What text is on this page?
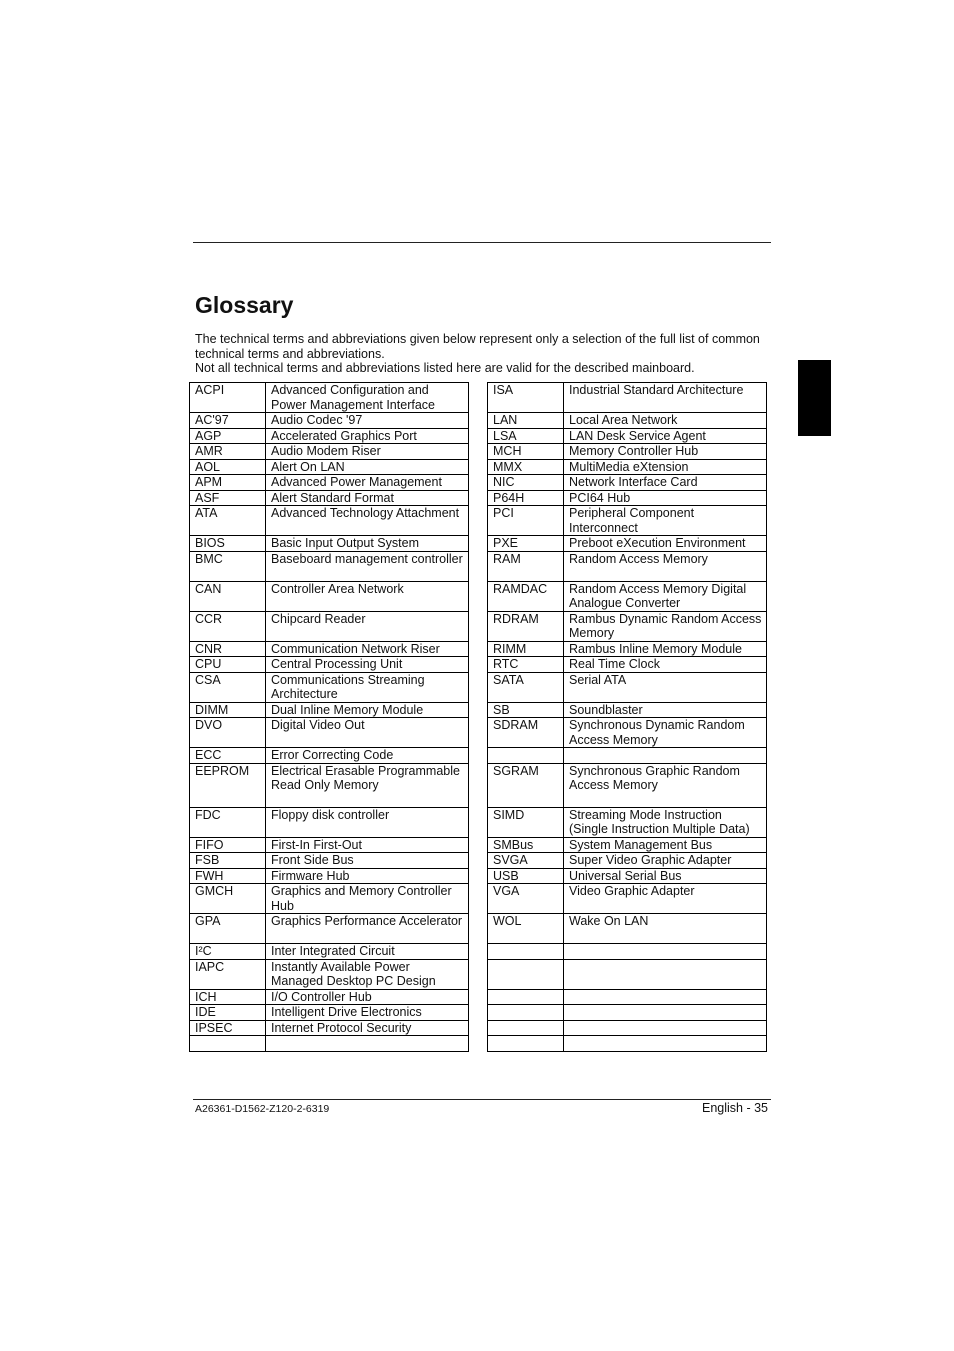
Glossary

The technical terms and abbreviations given below represent only a selection of the full list of common technical terms and abbreviations.

Not all technical terms and abbreviations listed here are valid for the described mainboard.

ACPI	Advanced Configuration and Power Management Interface
AC'97	Audio Codec '97
AGP	Accelerated Graphics Port
AMR	Audio Modem Riser
AOL	Alert On LAN
APM	Advanced Power Management
ASF	Alert Standard Format
ATA	Advanced Technology Attachment
BIOS	Basic Input Output System
BMC	Baseboard management controller
CAN	Controller Area Network
CCR	Chipcard Reader
CNR	Communication Network Riser
CPU	Central Processing Unit
CSA	Communications Streaming Architecture
DIMM	Dual Inline Memory Module
DVO	Digital Video Out
ECC	Error Correcting Code
EEPROM	Electrical Erasable Programmable Read Only Memory
FDC	Floppy disk controller
FIFO	First-In First-Out
FSB	Front Side Bus
FWH	Firmware Hub
GMCH	Graphics and Memory Controller Hub
GPA	Graphics Performance Accelerator
I²C	Inter Integrated Circuit
IAPC	Instantly Available Power Managed Desktop PC Design
ICH	I/O Controller Hub
IDE	Intelligent Drive Electronics
IPSEC	Internet Protocol Security

ISA	Industrial Standard Architecture
LAN	Local Area Network
LSA	LAN Desk Service Agent
MCH	Memory Controller Hub
MMX	MultiMedia eXtension
NIC	Network Interface Card
P64H	PCI64 Hub
PCI	Peripheral Component Interconnect
PXE	Preboot eXecution Environment
RAM	Random Access Memory
RAMDAC	Random Access Memory Digital Analogue Converter
RDRAM	Rambus Dynamic Random Access Memory
RIMM	Rambus Inline Memory Module
RTC	Real Time Clock
SATA	Serial ATA
SB	Soundblaster
SDRAM	Synchronous Dynamic Random Access Memory

SGRAM	Synchronous Graphic Random Access Memory
SIMD	Streaming Mode Instruction (Single Instruction Multiple Data)
SMBus	System Management Bus
SVGA	Super Video Graphic Adapter
USB	Universal Serial Bus
VGA	Video Graphic Adapter
WOL	Wake On LAN

A26361-D1562-Z120-2-6319	English - 35
